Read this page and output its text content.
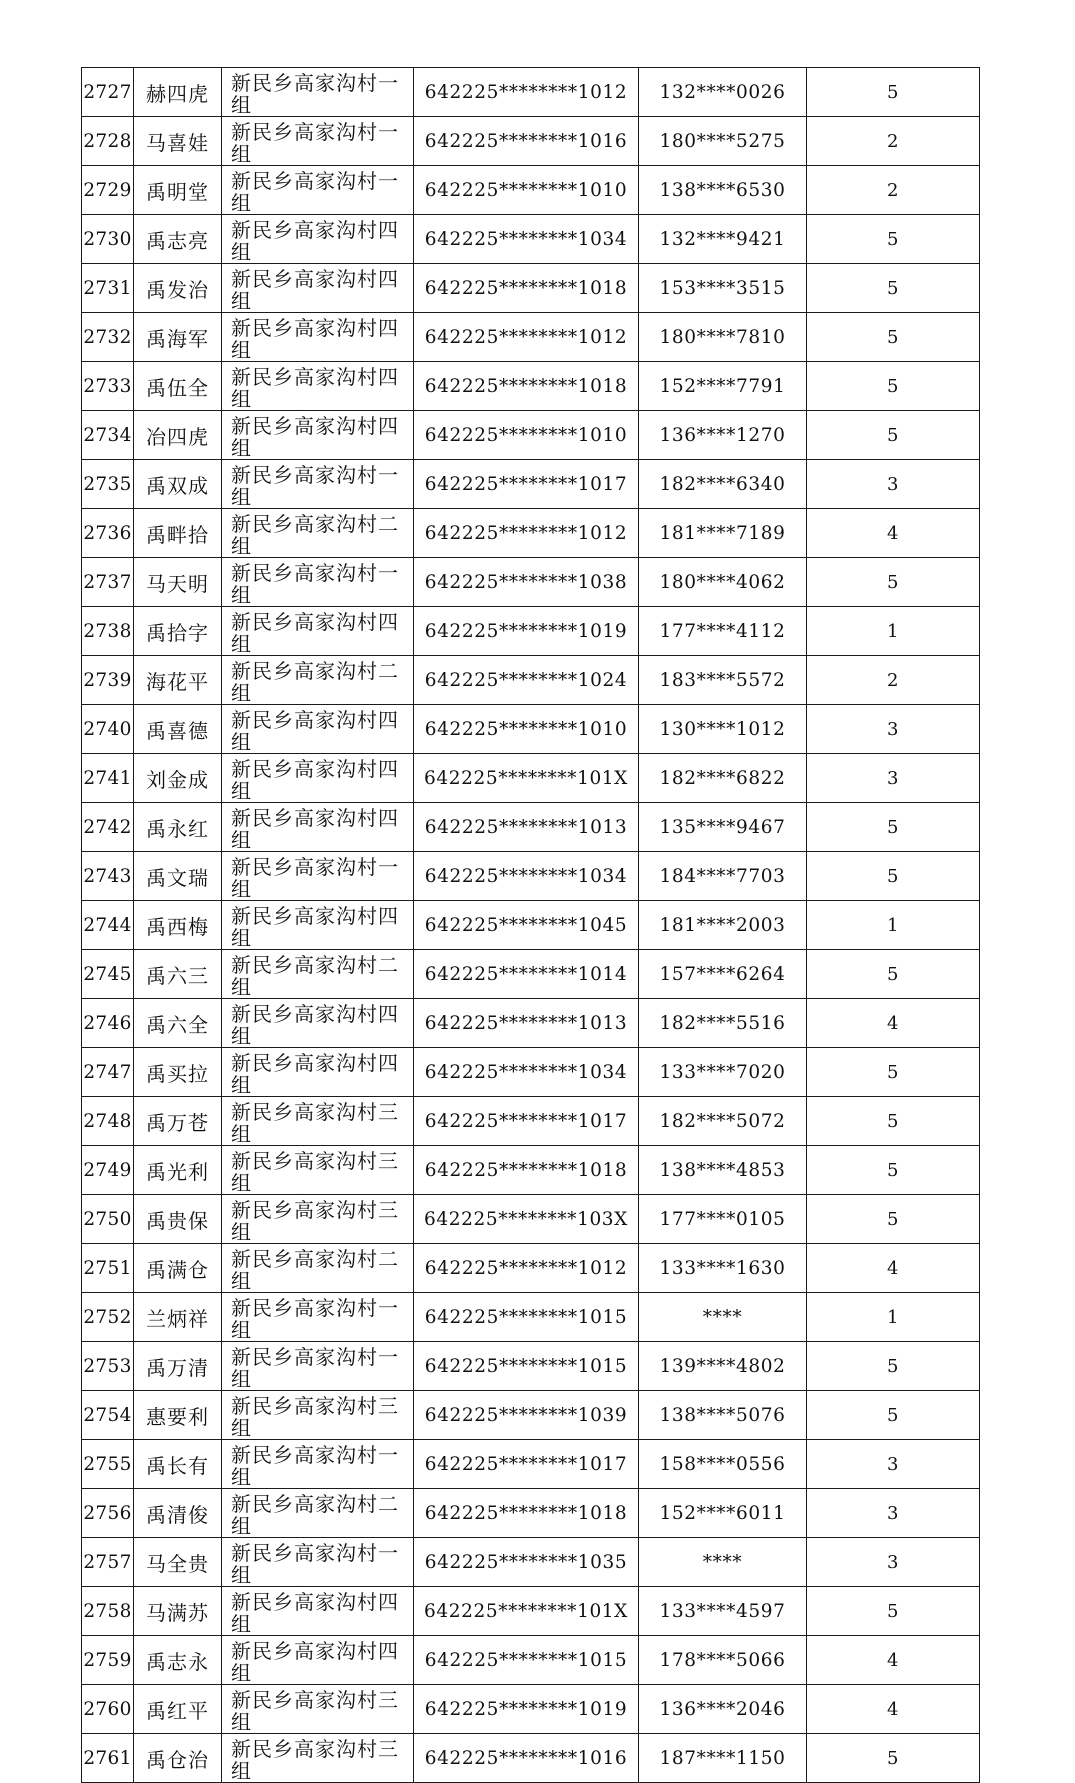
2727	赫四虎	新民乡高家沟村一组	642225********1012	132****0026	5
2728	马喜娃	新民乡高家沟村一组	642225********1016	180****5275	2
2729	禹明堂	新民乡高家沟村一组	642225********1010	138****6530	2
2730	禹志亮	新民乡高家沟村四组	642225********1034	132****9421	5
2731	禹发治	新民乡高家沟村四组	642225********1018	153****3515	5
2732	禹海军	新民乡高家沟村四组	642225********1012	180****7810	5
2733	禹伍全	新民乡高家沟村四组	642225********1018	152****7791	5
2734	冶四虎	新民乡高家沟村四组	642225********1010	136****1270	5
2735	禹双成	新民乡高家沟村一组	642225********1017	182****6340	3
2736	禹畔拾	新民乡高家沟村二组	642225********1012	181****7189	4
2737	马天明	新民乡高家沟村一组	642225********1038	180****4062	5
2738	禹拾字	新民乡高家沟村四组	642225********1019	177****4112	1
2739	海花平	新民乡高家沟村二组	642225********1024	183****5572	2
2740	禹喜德	新民乡高家沟村四组	642225********1010	130****1012	3
2741	刘金成	新民乡高家沟村四组	642225********101X	182****6822	3
2742	禹永红	新民乡高家沟村四组	642225********1013	135****9467	5
2743	禹文瑞	新民乡高家沟村一组	642225********1034	184****7703	5
2744	禹西梅	新民乡高家沟村四组	642225********1045	181****2003	1
2745	禹六三	新民乡高家沟村二组	642225********1014	157****6264	5
2746	禹六全	新民乡高家沟村四组	642225********1013	182****5516	4
2747	禹买拉	新民乡高家沟村四组	642225********1034	133****7020	5
2748	禹万苍	新民乡高家沟村三组	642225********1017	182****5072	5
2749	禹光利	新民乡高家沟村三组	642225********1018	138****4853	5
2750	禹贵保	新民乡高家沟村三组	642225********103X	177****0105	5
2751	禹满仓	新民乡高家沟村二组	642225********1012	133****1630	4
2752	兰炳祥	新民乡高家沟村一组	642225********1015	****	1
2753	禹万清	新民乡高家沟村一组	642225********1015	139****4802	5
2754	惠要利	新民乡高家沟村三组	642225********1039	138****5076	5
2755	禹长有	新民乡高家沟村一组	642225********1017	158****0556	3
2756	禹清俊	新民乡高家沟村二组	642225********1018	152****6011	3
2757	马全贵	新民乡高家沟村一组	642225********1035	****	3
2758	马满苏	新民乡高家沟村四组	642225********101X	133****4597	5
2759	禹志永	新民乡高家沟村四组	642225********1015	178****5066	4
2760	禹红平	新民乡高家沟村三组	642225********1019	136****2046	4
2761	禹仓治	新民乡高家沟村三组	642225********1016	187****1150	5
